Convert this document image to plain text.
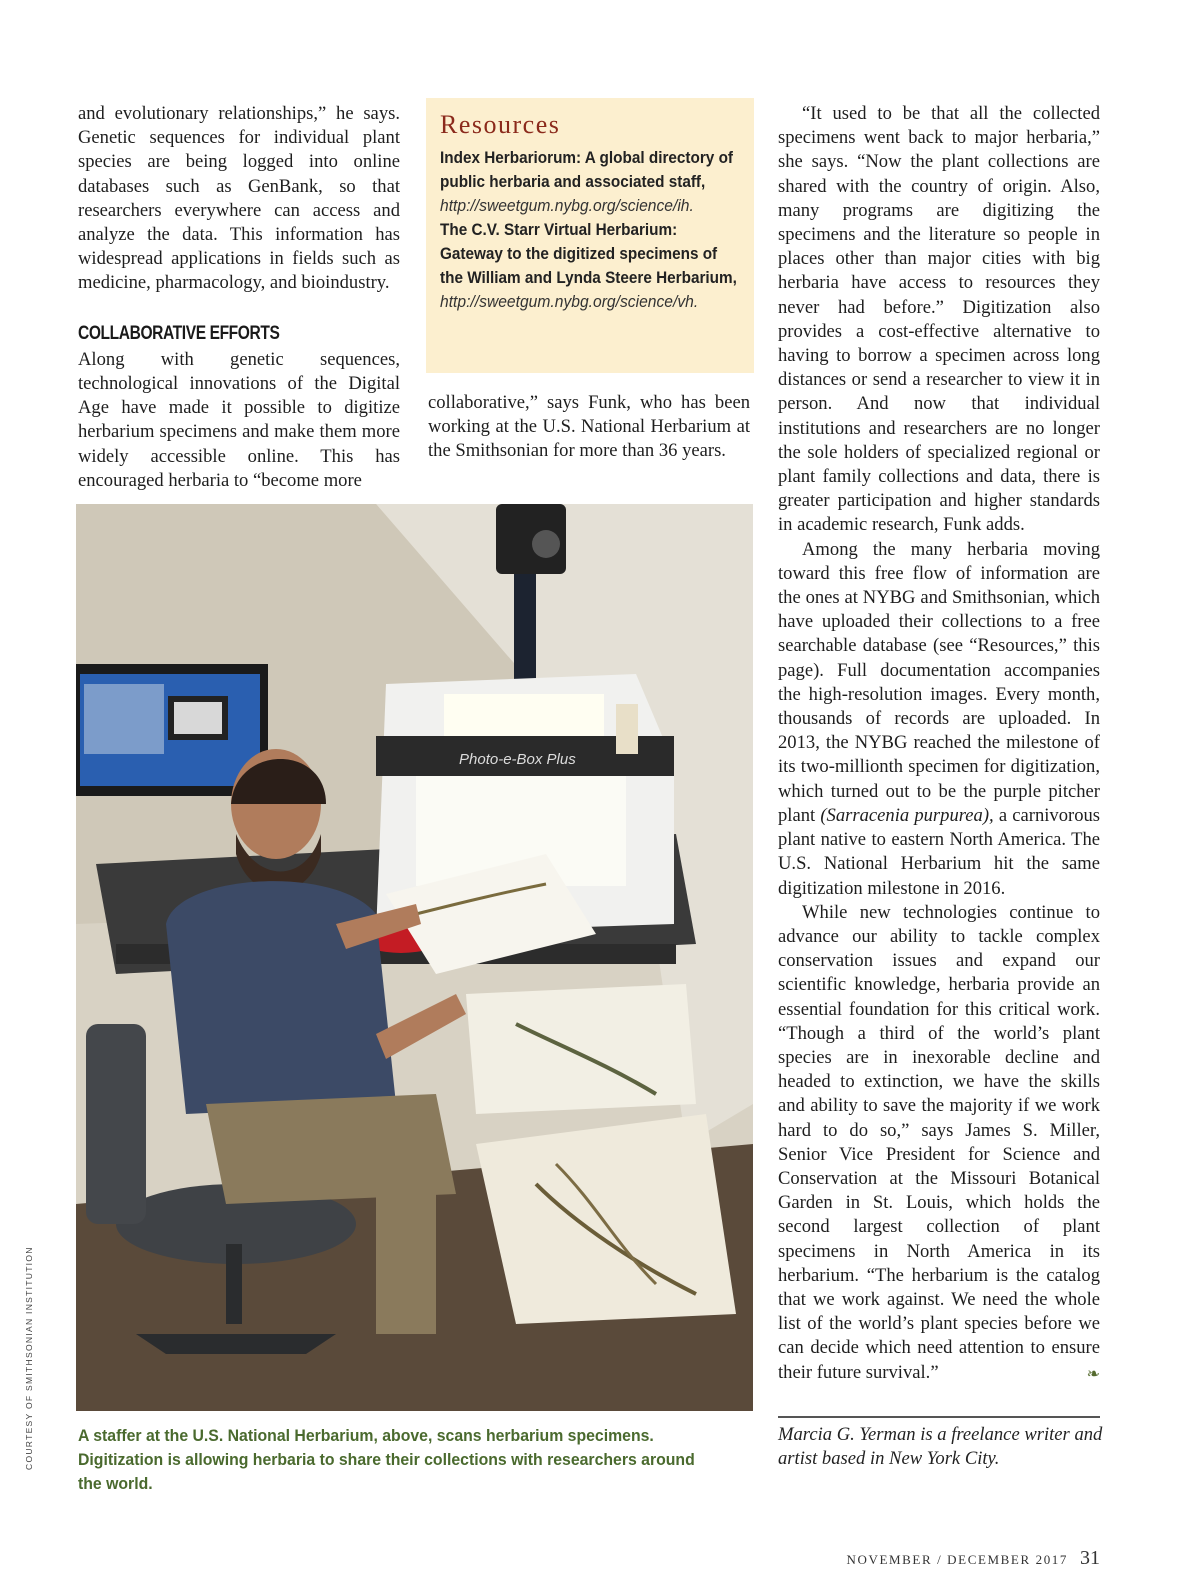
and evolutionary relationships,” he says. Genetic sequences for individual plant species are being logged into online databases such as GenBank, so that researchers everywhere can access and analyze the data. This information has widespread applications in fields such as medicine, pharmacology, and bioindustry.

COLLABORATIVE EFFORTS

Along with genetic sequences, technological innovations of the Digital Age have made it possible to digitize herbarium specimens and make them more widely accessible online. This has encouraged herbaria to “become more

Resources
Index Herbariorum: A global directory of public herbaria and associated staff,
http://sweetgum.nybg.org/science/ih.
The C.V. Starr Virtual Herbarium: Gateway to the digitized specimens of the William and Lynda Steere Herbarium,
http://sweetgum.nybg.org/science/vh.

collaborative,” says Funk, who has been working at the U.S. National Herbarium at the Smithsonian for more than 36 years.

“It used to be that all the collected specimens went back to major herbaria,” she says. “Now the plant collections are shared with the country of origin. Also, many programs are digitizing the specimens and the literature so people in places other than major cities with big herbaria have access to resources they never had before.” Digitization also provides a cost-effective alternative to having to borrow a specimen across long distances or send a researcher to view it in person. And now that individual institutions and researchers are no longer the sole holders of specialized regional or plant family collections and data, there is greater participation and higher standards in academic research, Funk adds.

Among the many herbaria moving toward this free flow of information are the ones at NYBG and Smithsonian, which have uploaded their collections to a free searchable database (see “Resources,” this page). Full documentation accompanies the high-resolution images. Every month, thousands of records are uploaded. In 2013, the NYBG reached the milestone of its two-millionth specimen for digitization, which turned out to be the purple pitcher plant (Sarracenia purpurea), a carnivorous plant native to eastern North America. The U.S. National Herbarium hit the same digitization milestone in 2016.

While new technologies continue to advance our ability to tackle complex conservation issues and expand our scientific knowledge, herbaria provide an essential foundation for this critical work. “Though a third of the world’s plant species are in inexorable decline and headed to extinction, we have the skills and ability to save the majority if we work hard to do so,” says James S. Miller, Senior Vice President for Science and Conservation at the Missouri Botanical Garden in St. Louis, which holds the second largest collection of plant specimens in North America in its herbarium. “The herbarium is the catalog that we work against. We need the whole list of the world’s plant species before we can decide which need attention to ensure their future survival.”	❧

Photo-e-Box Plus
A staffer at the U.S. National Herbarium, above, scans herbarium specimens. Digitization is allowing herbaria to share their collections with researchers around the world.
COURTESY OF SMITHSONIAN INSTITUTION	Marcia G. Yerman is a freelance writer and artist based in New York City.
NOVEMBER / DECEMBER 2017 31
